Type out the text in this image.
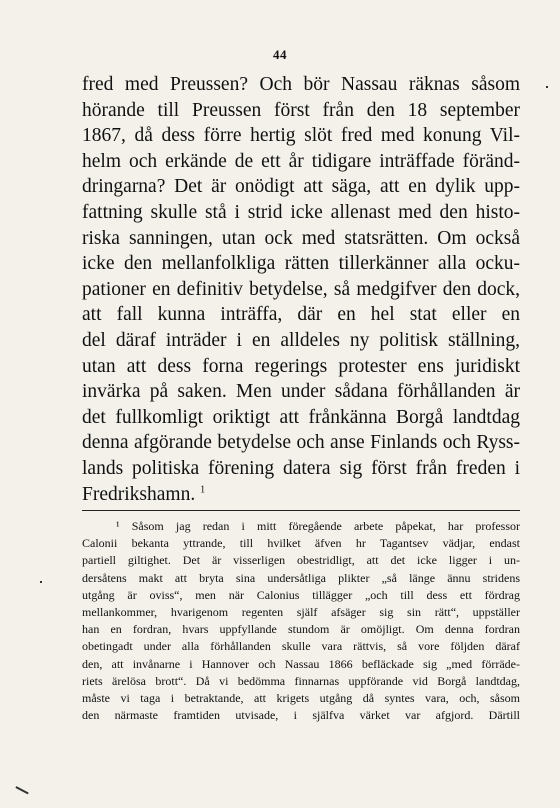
44
fred med Preussen? Och bör Nassau räknas såsom
hörande till Preussen först från den 18 september
1867, då dess förre hertig slöt fred med konung Vil-
helm och erkände de ett år tidigare inträffade föränd-
dringarna? Det är onödigt att säga, att en dylik upp-
fattning skulle stå i strid icke allenast med den histo-
riska sanningen, utan ock med statsrätten. Om också
icke den mellanfolkliga rätten tillerkänner alla ocku-
pationer en definitiv betydelse, så medgifver den dock,
att fall kunna inträffa, där en hel stat eller en
del däraf inträder i en alldeles ny politisk ställning,
utan att dess forna regerings protester ens juridiskt
invärka på saken. Men under sådana förhållanden är
det fullkomligt oriktigt att frånkänna Borgå landtdag
denna afgörande betydelse och anse Finlands och Ryss-
lands politiska förening datera sig först från freden i
Fredrikshamn. $^1$
¹ Såsom jag redan i mitt föregående arbete påpekat, har professor
Calonii bekanta yttrande, till hvilket äfven hr Tagantsev vädjar, endast
partiell giltighet. Det är visserligen obestridligt, att det icke ligger i un-
dersåtens makt att bryta sina undersåtliga plikter „så länge ännu stridens
utgång är oviss“, men när Calonius tillägger „och till dess ett fördrag
mellankommer, hvarigenom regenten själf afsäger sig sin rätt“, uppställer
han en fordran, hvars uppfyllande stundom är omöjligt. Om denna fordran
obetingadt under alla förhållanden skulle vara rättvis, så vore följden däraf
den, att invånarne i Hannover och Nassau 1866 befläckade sig „med förräde-
riets ärelösa brott“. Då vi bedömma finnarnas uppförande vid Borgå landtdag,
måste vi taga i betraktande, att krigets utgång då syntes vara, och, såsom
den närmaste framtiden utvisade, i själfva värket var afgjord. Därtill
